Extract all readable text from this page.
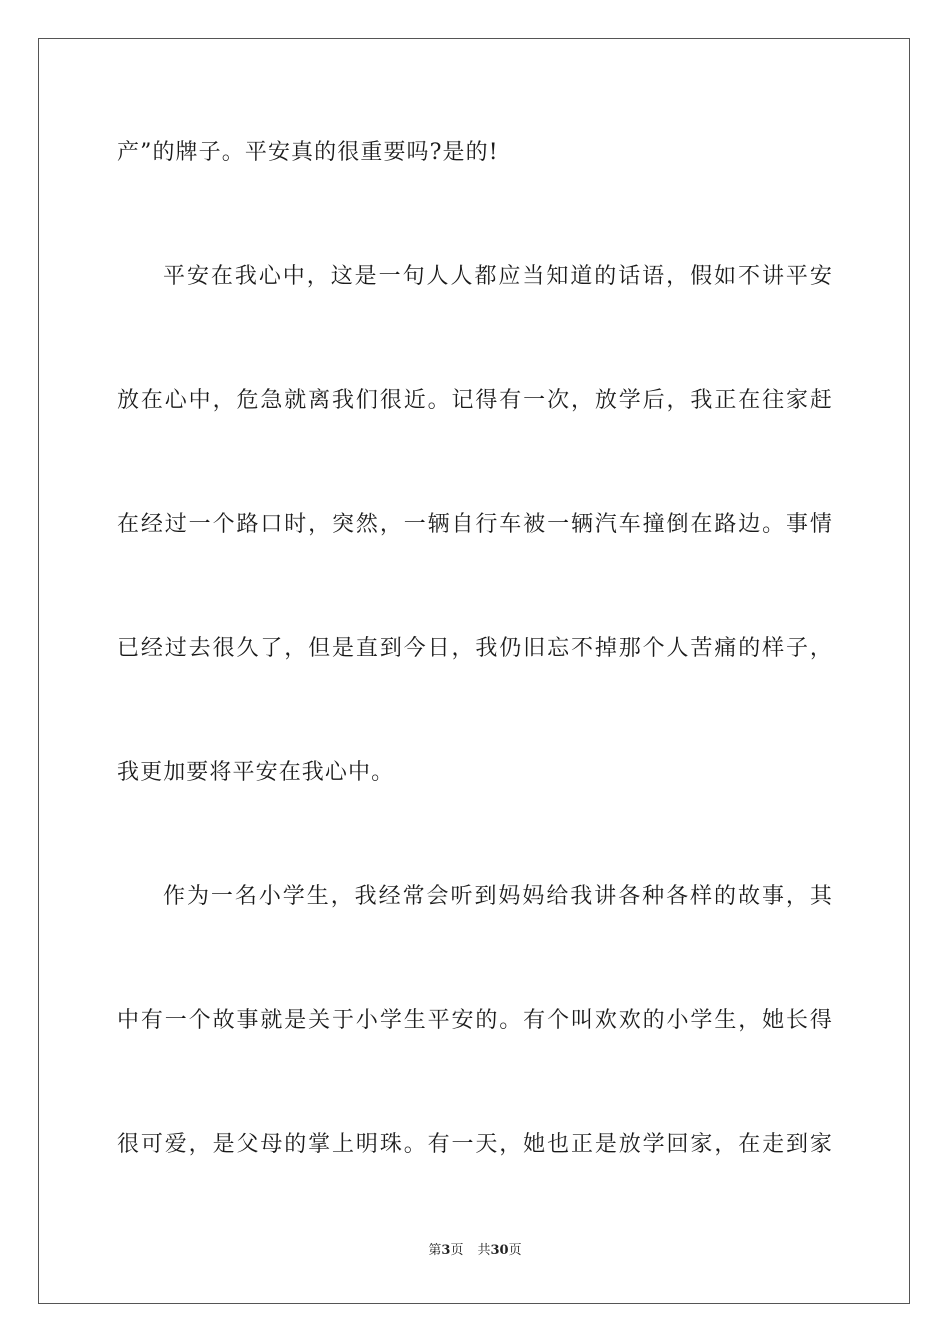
产”的牌子。平安真的很重要吗?是的!
平安在我心中，这是一句人人都应当知道的话语，假如不讲平安
放在心中，危急就离我们很近。记得有一次，放学后，我正在往家赶
在经过一个路口时，突然，一辆自行车被一辆汽车撞倒在路边。事情
已经过去很久了，但是直到今日，我仍旧忘不掉那个人苦痛的样子，
我更加要将平安在我心中。
作为一名小学生，我经常会听到妈妈给我讲各种各样的故事，其
中有一个故事就是关于小学生平安的。有个叫欢欢的小学生，她长得
很可爱，是父母的掌上明珠。有一天，她也正是放学回家，在走到家
第3页 共30页
